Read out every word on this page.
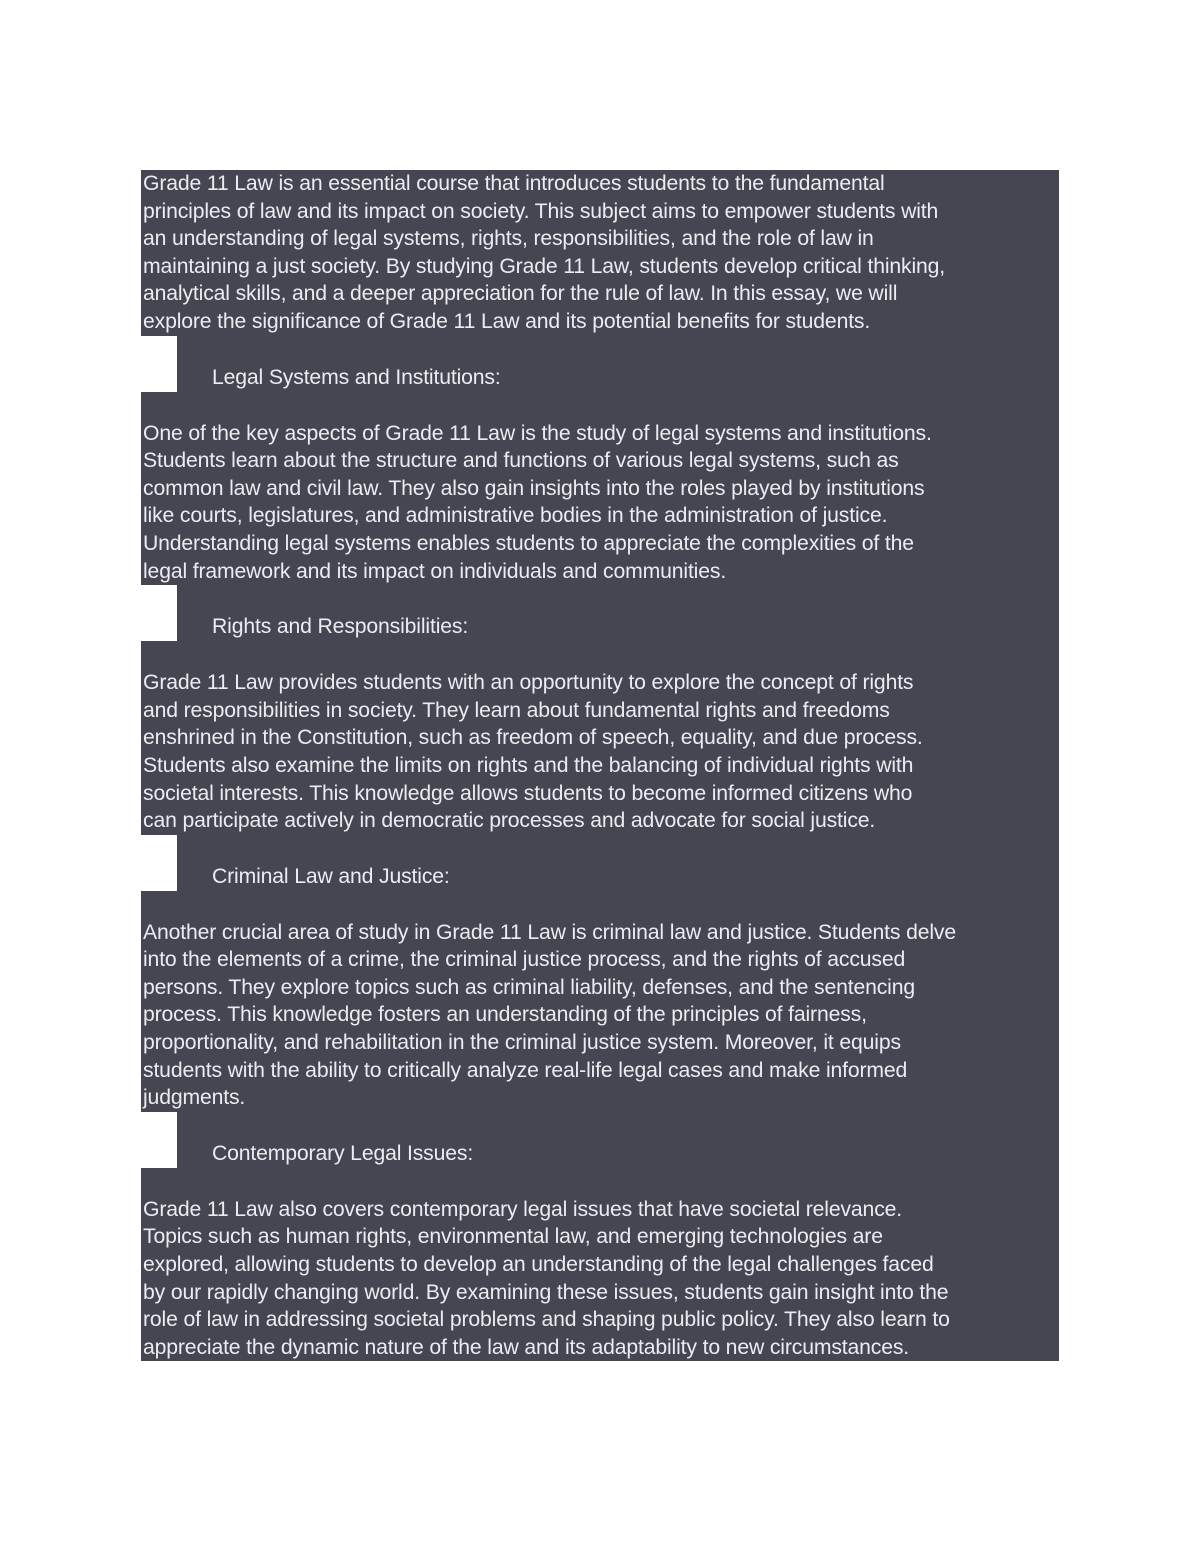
Grade 11 Law is an essential course that introduces students to the fundamental
principles of law and its impact on society. This subject aims to empower students with
an understanding of legal systems, rights, responsibilities, and the role of law in
maintaining a just society. By studying Grade 11 Law, students develop critical thinking,
analytical skills, and a deeper appreciation for the rule of law. In this essay, we will
explore the significance of Grade 11 Law and its potential benefits for students.
Legal Systems and Institutions:
One of the key aspects of Grade 11 Law is the study of legal systems and institutions.
Students learn about the structure and functions of various legal systems, such as
common law and civil law. They also gain insights into the roles played by institutions
like courts, legislatures, and administrative bodies in the administration of justice.
Understanding legal systems enables students to appreciate the complexities of the
legal framework and its impact on individuals and communities.
Rights and Responsibilities:
Grade 11 Law provides students with an opportunity to explore the concept of rights
and responsibilities in society. They learn about fundamental rights and freedoms
enshrined in the Constitution, such as freedom of speech, equality, and due process.
Students also examine the limits on rights and the balancing of individual rights with
societal interests. This knowledge allows students to become informed citizens who
can participate actively in democratic processes and advocate for social justice.
Criminal Law and Justice:
Another crucial area of study in Grade 11 Law is criminal law and justice. Students delve
into the elements of a crime, the criminal justice process, and the rights of accused
persons. They explore topics such as criminal liability, defenses, and the sentencing
process. This knowledge fosters an understanding of the principles of fairness,
proportionality, and rehabilitation in the criminal justice system. Moreover, it equips
students with the ability to critically analyze real-life legal cases and make informed
judgments.
Contemporary Legal Issues:
Grade 11 Law also covers contemporary legal issues that have societal relevance.
Topics such as human rights, environmental law, and emerging technologies are
explored, allowing students to develop an understanding of the legal challenges faced
by our rapidly changing world. By examining these issues, students gain insight into the
role of law in addressing societal problems and shaping public policy. They also learn to
appreciate the dynamic nature of the law and its adaptability to new circumstances.
